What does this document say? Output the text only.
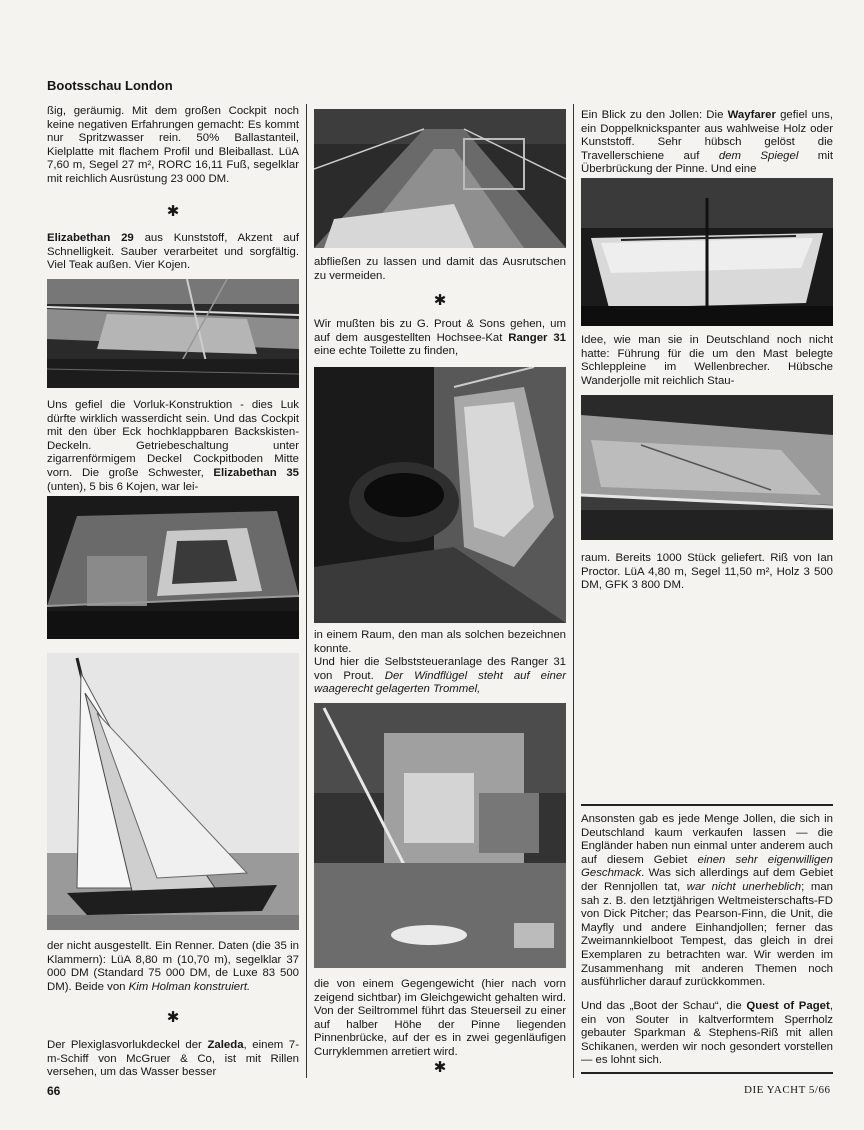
Bootsschau London

ßig, geräumig. Mit dem großen Cockpit noch keine negativen Erfahrungen gemacht: Es kommt nur Spritzwasser rein. 50% Ballastanteil, Kielplatte mit flachem Profil und Bleiballast. LüA 7,60 m, Segel 27 m², RORC 16,11 Fuß, segelklar mit reichlich Ausrüstung 23 000 DM.

✱

Elizabethan 29 aus Kunststoff, Akzent auf Schnelligkeit. Sauber verarbeitet und sorgfältig. Viel Teak außen. Vier Kojen.

Uns gefiel die Vorluk-Konstruktion - dies Luk dürfte wirklich wasserdicht sein. Und das Cockpit mit den über Eck hochklappbaren Backskisten-Deckeln. Getriebeschaltung unter zigarrenförmigem Deckel Cockpitboden Mitte vorn. Die große Schwester, Elizabethan 35 (unten), 5 bis 6 Kojen, war lei-

der nicht ausgestellt. Ein Renner. Daten (die 35 in Klammern): LüA 8,80 m (10,70 m), segelklar 37 000 DM (Standard 75 000 DM, de Luxe 83 500 DM). Beide von Kim Holman konstruiert.

✱

Der Plexiglasvorlukdeckel der Zaleda, einem 7-m-Schiff von McGruer & Co, ist mit Rillen versehen, um das Wasser besser

abfließen zu lassen und damit das Ausrutschen zu vermeiden.

✱

Wir mußten bis zu G. Prout & Sons gehen, um auf dem ausgestellten Hochsee-Kat Ranger 31 eine echte Toilette zu finden,

in einem Raum, den man als solchen bezeichnen konnte.

Und hier die Selbststeueranlage des Ranger 31 von Prout. Der Windflügel steht auf einer waagerecht gelagerten Trommel,

die von einem Gegengewicht (hier nach vorn zeigend sichtbar) im Gleichgewicht gehalten wird. Von der Seiltrommel führt das Steuerseil zu einer auf halber Höhe der Pinne liegenden Pinnenbrücke, auf der es in zwei gegenläufigen Curryklemmen arretiert wird.

✱

Ein Blick zu den Jollen: Die Wayfarer gefiel uns, ein Doppelknickspanter aus wahlweise Holz oder Kunststoff. Sehr hübsch gelöst die Travellerschiene auf dem Spiegel mit Überbrückung der Pinne. Und eine

Idee, wie man sie in Deutschland noch nicht hatte: Führung für die um den Mast belegte Schleppleine im Wellenbrecher. Hübsche Wanderjolle mit reichlich Stau-

raum. Bereits 1000 Stück geliefert. Riß von Ian Proctor. LüA 4,80 m, Segel 11,50 m², Holz 3 500 DM, GFK 3 800 DM.

Ansonsten gab es jede Menge Jollen, die sich in Deutschland kaum verkaufen lassen — die Engländer haben nun einmal unter anderem auch auf diesem Gebiet einen sehr eigenwilligen Geschmack. Was sich allerdings auf dem Gebiet der Rennjollen tat, war nicht unerheblich; man sah z. B. den letztjährigen Weltmeisterschafts-FD von Dick Pitcher; das Pearson-Finn, die Unit, die Mayfly und andere Einhandjollen; ferner das Zweimannkielboot Tempest, das gleich in drei Exemplaren zu betrachten war. Wir werden im Zusammenhang mit anderen Themen noch ausführlicher darauf zurückkommen.

Und das „Boot der Schau“, die Quest of Paget, ein von Souter in kaltverformtem Sperrholz gebauter Sparkman & Stephens-Riß mit allen Schikanen, werden wir noch gesondert vorstellen — es lohnt sich.

66	DIE YACHT 5/66
